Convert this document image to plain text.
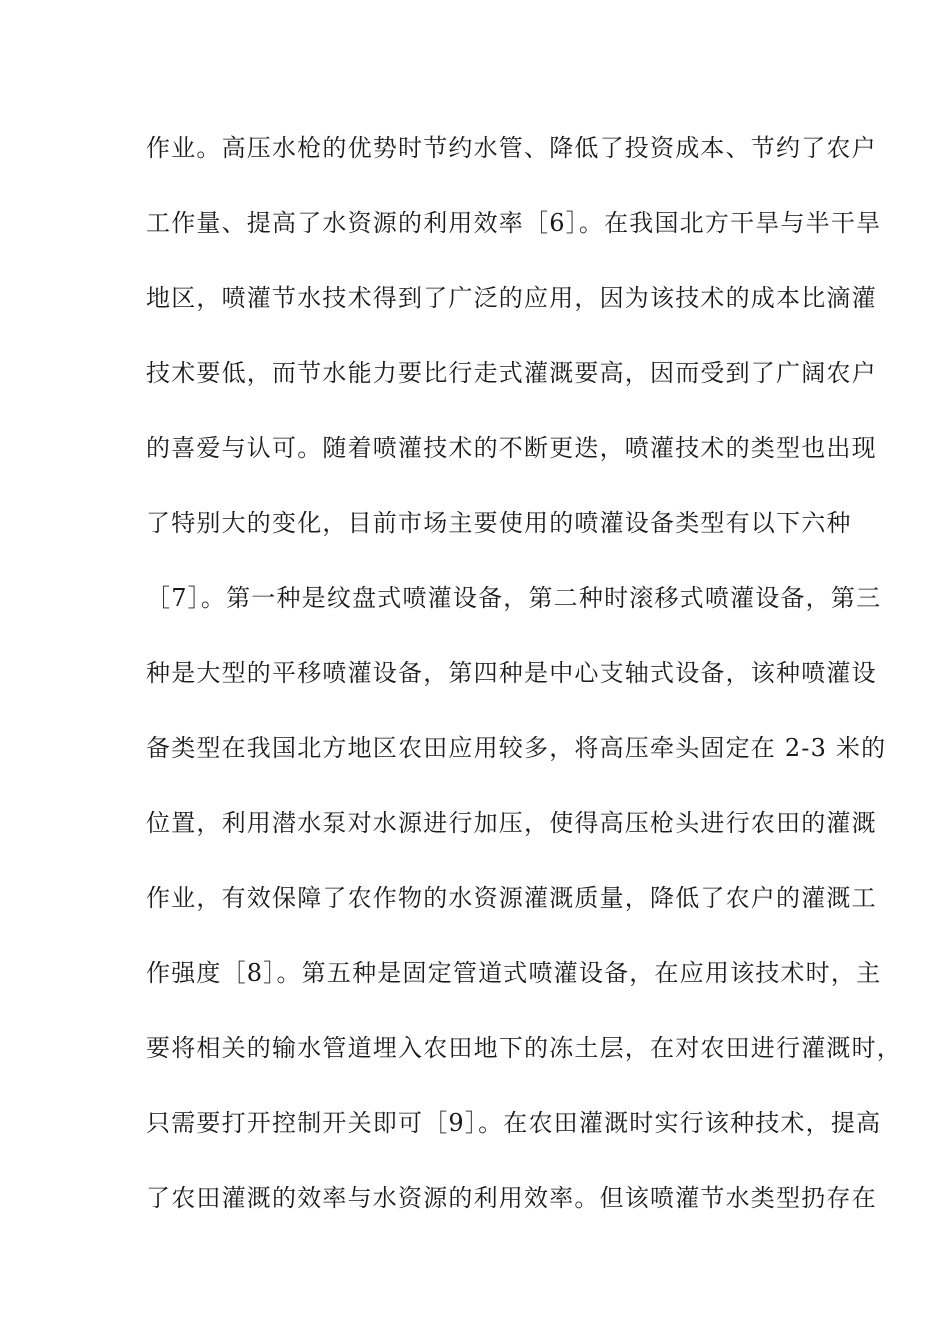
作业。高压水枪的优势时节约水管、降低了投资成本、节约了农户
工作量、提高了水资源的利用效率［6］。在我国北方干旱与半干旱
地区，喷灌节水技术得到了广泛的应用，因为该技术的成本比滴灌
技术要低，而节水能力要比行走式灌溉要高，因而受到了广阔农户
的喜爱与认可。随着喷灌技术的不断更迭，喷灌技术的类型也出现
了特别大的变化，目前市场主要使用的喷灌设备类型有以下六种
［7］。第一种是纹盘式喷灌设备，第二种时滚移式喷灌设备，第三
种是大型的平移喷灌设备，第四种是中心支轴式设备，该种喷灌设
备类型在我国北方地区农田应用较多，将高压牵头固定在 2-3 米的
位置，利用潜水泵对水源进行加压，使得高压枪头进行农田的灌溉
作业，有效保障了农作物的水资源灌溉质量，降低了农户的灌溉工
作强度［8］。第五种是固定管道式喷灌设备，在应用该技术时，主
要将相关的输水管道埋入农田地下的冻土层，在对农田进行灌溉时，
只需要打开控制开关即可［9］。在农田灌溉时实行该种技术，提高
了农田灌溉的效率与水资源的利用效率。但该喷灌节水类型扔存在
